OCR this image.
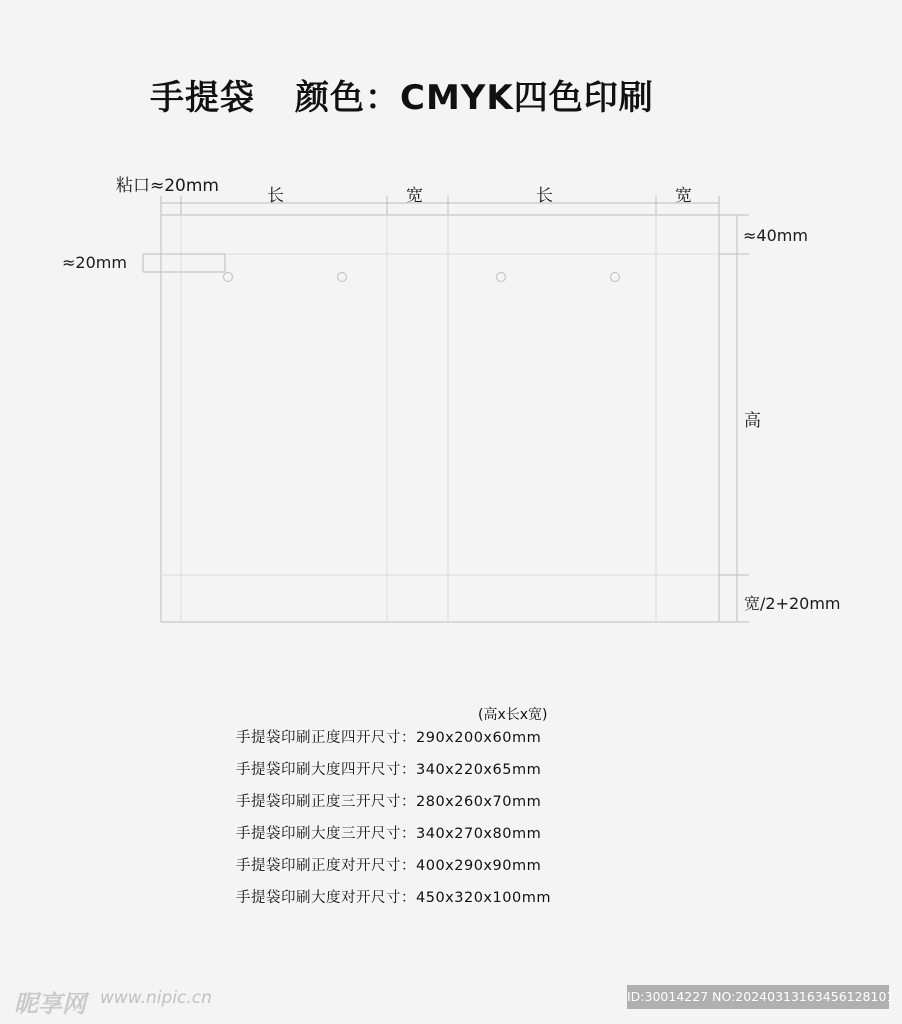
手提袋 颜色：CMYK四色印刷
粘口≈20mm	长	宽	长	宽
≈20mm
≈40mm
高
宽/2+20mm
(高x长x宽)
手提袋印刷正度四开尺寸：290x200x60mm
手提袋印刷大度四开尺寸：340x220x65mm
手提袋印刷正度三开尺寸：280x260x70mm
手提袋印刷大度三开尺寸：340x270x80mm
手提袋印刷正度对开尺寸：400x290x90mm
手提袋印刷大度对开尺寸：450x320x100mm
昵享网 www.nipic.cn	ID:30014227 NO:20240313163456128101
